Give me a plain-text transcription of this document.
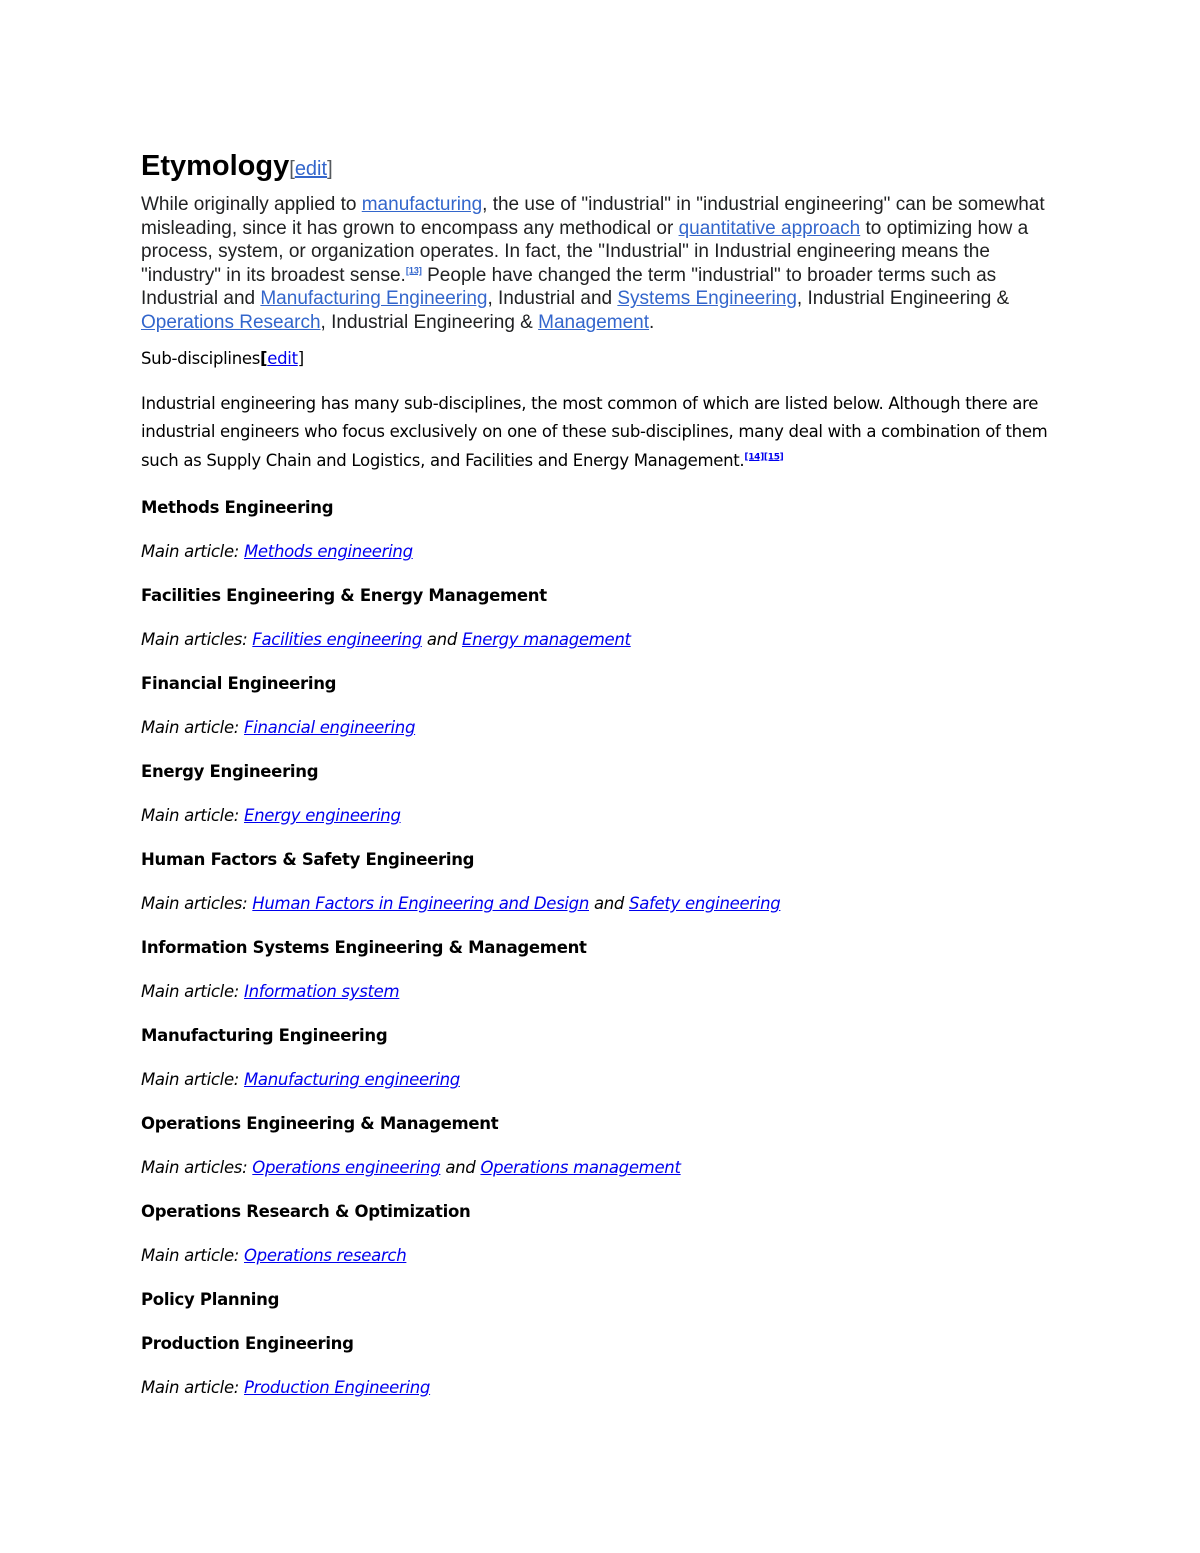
Etymology[edit]

While originally applied to manufacturing, the use of "industrial" in "industrial engineering" can be somewhat misleading, since it has grown to encompass any methodical or quantitative approach to optimizing how a process, system, or organization operates. In fact, the "Industrial" in Industrial engineering means the "industry" in its broadest sense.[13] People have changed the term "industrial" to broader terms such as Industrial and Manufacturing Engineering, Industrial and Systems Engineering, Industrial Engineering & Operations Research, Industrial Engineering & Management.

Sub-disciplines[edit]
Industrial engineering has many sub-disciplines, the most common of which are listed below. Although there are industrial engineers who focus exclusively on one of these sub-disciplines, many deal with a combination of them such as Supply Chain and Logistics, and Facilities and Energy Management.[14][15]
Methods Engineering
Main article: Methods engineering
Facilities Engineering & Energy Management
Main articles: Facilities engineering and Energy management
Financial Engineering
Main article: Financial engineering
Energy Engineering
Main article: Energy engineering
Human Factors & Safety Engineering
Main articles: Human Factors in Engineering and Design and Safety engineering
Information Systems Engineering & Management
Main article: Information system
Manufacturing Engineering
Main article: Manufacturing engineering
Operations Engineering & Management
Main articles: Operations engineering and Operations management
Operations Research & Optimization
Main article: Operations research
Policy Planning
Production Engineering
Main article: Production Engineering
